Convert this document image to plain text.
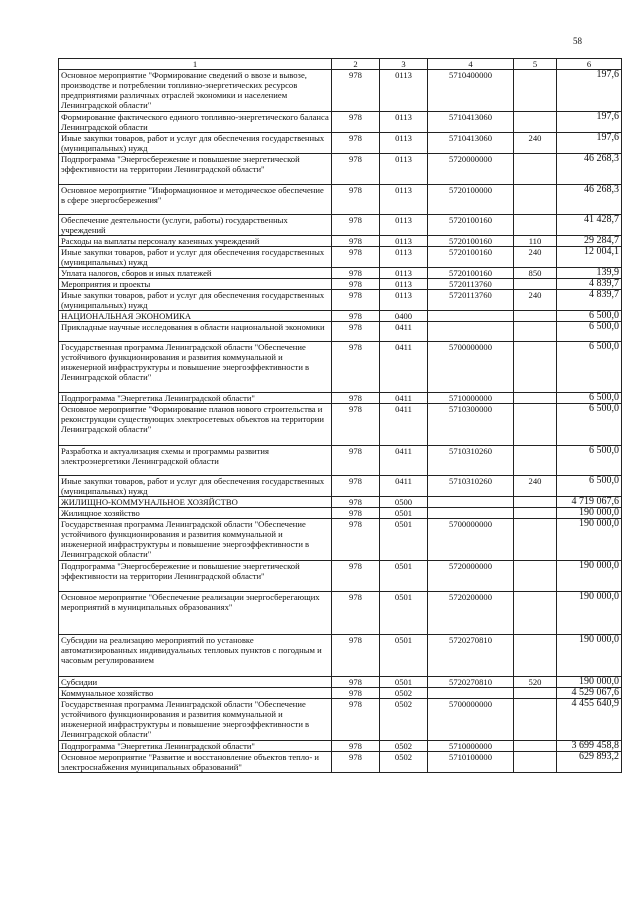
58
1	2	3	4	5	6
Основное мероприятие "Формирование сведений о ввозе и вывозе, производстве и потреблении топливно-энергетических ресурсов предприятиями различных отраслей экономики и населением Ленинградской области"	978	0113	5710400000		197,6
Формирование фактического единого топливно-энергетического баланса Ленинградской области	978	0113	5710413060		197,6
Иные закупки товаров, работ и услуг для обеспечения государственных (муниципальных) нужд	978	0113	5710413060	240	197,6
Подпрограмма "Энергосбережение и повышение энергетической эффективности на территории Ленинградской области"	978	0113	5720000000		46 268,3
Основное мероприятие "Информационное и методическое обеспечение в сфере энергосбережения"	978	0113	5720100000		46 268,3
Обеспечение деятельности (услуги, работы) государственных учреждений	978	0113	5720100160		41 428,7
Расходы на выплаты персоналу казенных учреждений	978	0113	5720100160	110	29 284,7
Иные закупки товаров, работ и услуг для обеспечения государственных (муниципальных) нужд	978	0113	5720100160	240	12 004,1
Уплата налогов, сборов и иных платежей	978	0113	5720100160	850	139,9
Мероприятия и проекты	978	0113	5720113760		4 839,7
Иные закупки товаров, работ и услуг для обеспечения государственных (муниципальных) нужд	978	0113	5720113760	240	4 839,7
НАЦИОНАЛЬНАЯ ЭКОНОМИКА	978	0400			6 500,0
Прикладные научные исследования в области национальной экономики	978	0411			6 500,0
Государственная программа Ленинградской области "Обеспечение устойчивого функционирования и развития коммунальной и инженерной инфраструктуры и повышение энергоэффективности в Ленинградской области"	978	0411	5700000000		6 500,0
Подпрограмма "Энергетика Ленинградской области"	978	0411	5710000000		6 500,0
Основное мероприятие "Формирование планов нового строительства и реконструкции существующих электросетевых объектов на территории Ленинградской области"	978	0411	5710300000		6 500,0
Разработка и актуализация схемы и программы развития электроэнергетики Ленинградской области	978	0411	5710310260		6 500,0
Иные закупки товаров, работ и услуг для обеспечения государственных (муниципальных) нужд	978	0411	5710310260	240	6 500,0
ЖИЛИЩНО-КОММУНАЛЬНОЕ ХОЗЯЙСТВО	978	0500			4 719 067,6
Жилищное хозяйство	978	0501			190 000,0
Государственная программа Ленинградской области "Обеспечение устойчивого функционирования и развития коммунальной и инженерной инфраструктуры и повышение энергоэффективности в Ленинградской области"	978	0501	5700000000		190 000,0
Подпрограмма "Энергосбережение и повышение энергетической эффективности на территории Ленинградской области"	978	0501	5720000000		190 000,0
Основное мероприятие "Обеспечение реализации энергосберегающих мероприятий в муниципальных образованиях"	978	0501	5720200000		190 000,0
Субсидии на реализацию мероприятий по установке автоматизированных индивидуальных тепловых пунктов с погодным и часовым регулированием	978	0501	5720270810		190 000,0
Субсидии	978	0501	5720270810	520	190 000,0
Коммунальное хозяйство	978	0502			4 529 067,6
Государственная программа Ленинградской области "Обеспечение устойчивого функционирования и развития коммунальной и инженерной инфраструктуры и повышение энергоэффективности в Ленинградской области"	978	0502	5700000000		4 455 640,9
Подпрограмма "Энергетика Ленинградской области"	978	0502	5710000000		3 699 458,8
Основное мероприятие "Развитие и восстановление объектов тепло- и электроснабжения муниципальных образований"	978	0502	5710100000		629 893,2
